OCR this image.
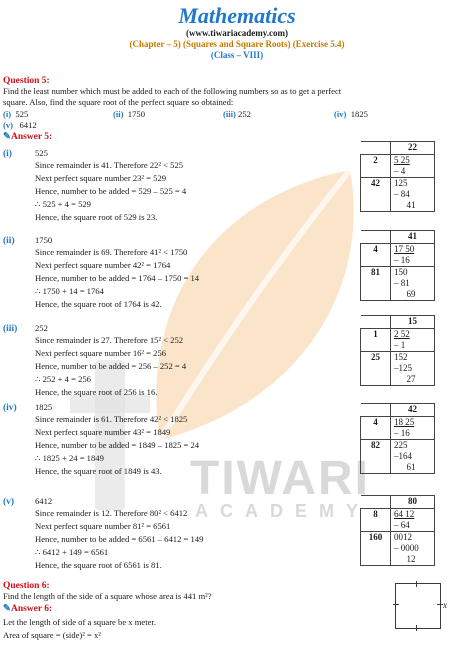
TIWARI
ACADEMY
Mathematics
(www.tiwariacademy.com)
(Chapter – 5) (Squares and Square Roots) (Exercise 5.4)
(Class – VIII)
Question 5:
Find the least number which must be added to each of the following numbers so as to get a perfect
square. Also, find the square root of the perfect square so obtained:
(i) 525	(ii) 1750	(iii) 252	(iv) 1825
(v) 6412
✎Answer 5:
(i)	525
Since remainder is 41. Therefore 22² < 525
Next perfect square number 23² = 529
Hence, number to be added = 529 – 525 = 4
∴ 525 + 4 = 529
Hence, the square root of 529 is 23.
	22

2	5 25
– 4

42	125
– 84
41
(ii) 1750
Since remainder is 69. Therefore 41² < 1750
Next perfect square number 42² = 1764
Hence, number to be added = 1764 – 1750 = 14
∴ 1750 + 14 = 1764
Hence, the square root of 1764 is 42.
	41

4	17 50
– 16

81	150
– 81
69
(iii) 252
Since remainder is 27. Therefore 15² < 252
Next perfect square number 16² = 256
Hence, number to be added = 256 – 252 = 4
∴ 252 + 4 = 256
Hence, the square root of 256 is 16.
	15

1	2 52
– 1

25	152
–125
27
(iv) 1825
Since remainder is 61. Therefore 42² < 1825
Next perfect square number 43² = 1849
Hence, number to be added = 1849 – 1825 = 24
∴ 1825 + 24 = 1849
Hence, the square root of 1849 is 43.
	42

4	18 25
– 16

82	225
–164
61
(v) 6412
Since remainder is 12. Therefore 80² < 6412
Next perfect square number 81² = 6561
Hence, number to be added = 6561 – 6412 = 149
∴ 6412 + 149 = 6561
Hence, the square root of 6561 is 81.
	80

8	64 12
– 64

160	0012
– 0000
12
Question 6:
Find the length of the side of a square whose area is 441 m²?
✎Answer 6:
Let the length of side of a square be x meter.
Area of square = (side)² = x²
x
